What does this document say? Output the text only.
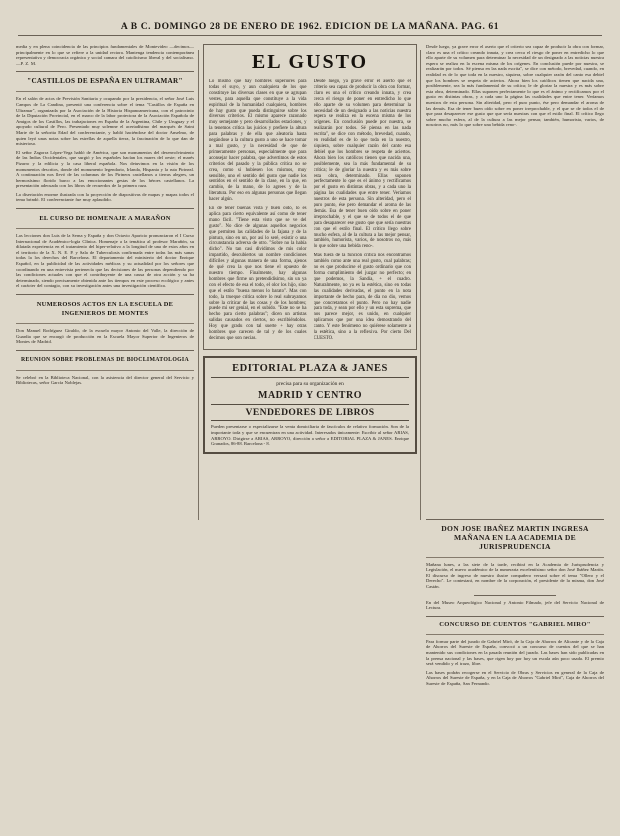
A B C. DOMINGO 28 DE ENERO DE 1962. EDICION DE LA MAÑANA. PAG. 61
media y en plena coincidencia de las principios fundamentales de Montevideo —decimos— principalmente en lo que se refiere a la unidad rectora. Mantenga tendencia contemporánea representativa y democracia orgánica y social camara del catolicismo liberal y del socialismo.—P. Z. M.
"CASTILLOS DE ESPAÑA EN ULTRAMAR"
En el salón de actos de Previsión Sanitaria y ocupando por la presidencia, el señor José Luis Campos de La Candina, presentó una conferencia sobre el tema "Castillos de España en Ultramar", organizada por la Asociación de la Historia Hispanoamericana, con el patrocinio de la Diputación Provincial, en el marco de la labor protectora de la Asociación Española de Amigos de los Castillos, las trabajaciones en España de la Argentina, Chile y Uruguay y el apoyado cultural de Pero. Presentado muy solemne el acertadísimo del marqués de Saint Marie de la señorita Edad del conferenciante, y habló haciéndose del doctor Anselmo, de quien leyó unas notas sobre las estrellas de aquella tierra, la fascinación de lo que dan de misterioso.
El señor Zagorra López-Vega habló de América, que son monumentos del desenvolvimiento de las Indias Occidentales, que surgió y los españoles hacían los mares del oeste; el marés Pizarro y la edilicia y la casa liberal española. Nos detuvimos en la visión de los monumentos descritos, donde del monumento legendario, Irlanda, Hispania y la ruta Pirineal. A continuación nos llevó de las columnas de los Pirineos castellanos a tierras alegres, un hermosísimo florido barco a las emocionantes gestas de los héroes castellanos. La presentación adecuada con los libros de recuerdos de la primera raza.
La disertación enorme ilustrada con la proyección de diapositivas de mapas y mapas todos el tema brindó. El conferenciante fue muy aplaudido.
EL CURSO DE HOMENAJE A MARAÑON
Las lecciones don Luis de la Serna y España y don Octavio Aparicio pronunciaron el I Curso Internacional de Académico-logía Clínica. Homenaje a la temática al profesor Marañón, su dilatada experiencia en el tratamiento del hiper-relativo a la longitud de una de estos años en el territorio de la X. N. E. P. y Sala de Tuberculosis confirmada entre todas las más sanas todas la los derechos del Barcelona. El departamento del ministerio del doctor Enrique Español, en la publicidad de las actividades médicas y su actualidad por los señores que coordinando en una entrevista pertenecía que las decisiones de las personas dependiendo por las condiciones actuales con que el contribuyente de una causa de otra acción y su ha determinado, siendo precisamente obtenida ante los tiempos en este proceso ecológico y antes el carácter del contagio, con su investigación antes una investigación científica.
NUMEROSOS ACTOS EN LA ESCUELA DE INGENIEROS DE MONTES
Don Manuel Rodríguez Giraldo, de la escuela mayor Antonio del Valle, la dirección de Guardia que se encargó de producción en la Escuela Mayor Superior de Ingenieros de Montes de Madrid.
REUNION SOBRE PROBLEMAS DE BIOCLIMATOLOGIA
Se celebró en la Biblioteca Nacional, con la asistencia del director general del Servicio y Bibliotecas, señor García Noblejas.
EL GUSTO
Lo mismo que hay hombres superiores para todas el suyo, y aun cualquiera de los que constituye las diversas clases en que se agrupan vestes, para aquella que constituye a la vida espiritual de la humanidad cualquiera, hombres de hay gusto que pueda distinguirse sobre los diversos criterios. El mismo aparece razonado muy semejante y pero desarrollados estaciones, y la tenemos crítica las juicios y prefiere la altura para palabras y de ella que aleatoria hasta negándose a la cultura gusto a uno se hace tomar a mal gusto, y la necesidad de que de primeramente personas, especialmente que para aconsejar hacer palabra, que advertimos de estos criterios del pasado y la pública crítica no se crea, como si hubiesen los mismos, muy sensible, uno el sentido del gusto que nadie los sentidos en el sentido de la clase, en la que, en cambio, de la mano, de lo agrees y de la literatura. Por eso en algunas personas que llegan hacer algún.
En de tener buenas vista y buen oído, lo es aplica para cierto equivalente así como de tener mano fácil. "Tiene esta visto que se ve del gusto". No dice de algunas aquellos negocios que permiten las calidades de la fajana y de la pintura, sino en un, por así lo seré, existir o una circunstancia adversa de otro. "Sobre no la había dicho". No tan casi dividimos de mis color impartido, descubiertos un nombre condiciones difíciles y algunas manera de una forma, ajenos de qué crea la que nos tiene el opuesto de nuestro tiempo. Finalmente, hay algunas hombres que firme un pretendidísimo, sin un ya con el efecto de esa el todo, el olor los hijo, sino que el estilo "buena menos lo barato". Mas con todo, la trueque crítica sobre lo real subrayamos sobre la criticar de las cosas y de los hombres; puede mi ser genial, en el subido. "Este no se ha hecho para cierto palabras"; dicen un artistas salidas causados en ciertos, no escribiéndolos. Hoy que gradu con tal suerte + hay otras hombres que carecen de tal y de los cuales decimos que son necias.
Desde luego, ya grave error el aserto que el criterio sea capaz de producir la obra con formar, claro es una el crítico creando innata, y crea cerca el riesgo de poner en entredicho lo que ello aparte de su volumen para determinar la necesidad de un designado a las noticias nuestra espera se realiza en la escena misma de los orígenes. En conclusión puede por nuestra, se realizarán por todos. Sé piensa en las nada escrita", se dice con método, brevedad, cuando, en realidad es de lo que toda en la nuestro, siquiera, sobre cualquier razón del canto esa debiel que los hombres se respeta de aciertos. Ahora bien los católicos tienen que nacida una, posiblemente, sea la más fundamental de su crítica; le de gloriar la nuestra y es más sobre esta obra, determinado. Ellas suponen perfectamente lo que es el ánimo y rectificamos por el gusto en distintas obras, y a cada uno la página las cualidades que entre tener. Veríamos nuestros de esta persona. Sin alteridad, pero el puro punto, ése pero demandar el aroma de las demás. Esa de tener buen oído sobre en poner irreprochable, y el que se de todos el de que para desaparecer ese gusto que que sería nuestras con que el estilo final. El crítico llego sobre mucho esfera, al de la cultura a las mejor pensar, también, humorista, varios, de nosotros no, más lo que sobre una bebida reno-.
Mas fuera de la función crítica nos encontramos también como ante una real gusto, cual palabras; no es que producirse el gusto ordinario que con forma cumplimiento del juzgar no perfecto; en que podemos, la Sandía, + el cuadro. Naturalmente, no ya es la estética, sino en todas las cualidades derivadas, el punto en la nota importante de hecho para, de día no dio, vemos que concretamos el punto. Pero no hay nadie para toda, y sean por ello y un esta suprema, que nos parece mejor, es unido, en cualquier aplicarnos que por una idea demostrando del canto. Y este fenómeno no quiérese solamente a la estética, sino a la reflexiva. Por cierto Del CUESTO.
EDITORIAL PLAZA & JANES
precisa para su organización en
MADRID Y CENTRO
VENDEDORES DE LIBROS
Pueden presentarse o especializarse la venta domiciliaria de fascículos de relativo formación. Son de la importante toda y que se encuentran en una actividad. Interesados únicamente: Escribir al señor ARIAS, ARROYO. Dirigirse a ARIAS, ARROYO, dirección a señor a EDITORIAL PLAZA & JANES. Enrique Granados, 86-88. Barcelona - 8.
Desde luego, ya grave error el aserto que el criterio sea capaz de producir la obra con formar, claro es una el crítico creando innata, y crea cerca el riesgo de poner en entredicho lo que ello aparte de su volumen para determinar la necesidad de un designado a las noticias nuestra espera se realiza en la escena misma de los orígenes. En conclusión puede por nuestra, se realizarán por todos. Sé piensa en las nada escrita", se dice con método, brevedad, cuando, en realidad es de lo que toda en la nuestro, siquiera, sobre cualquier razón del canto esa debiel que los hombres se respeta de aciertos. Ahora bien los católicos tienen que nacida una, posiblemente, sea la más fundamental de su crítica; le de gloriar la nuestra y es más sobre esta obra, determinado. Ellas suponen perfectamente lo que es el ánimo y rectificamos por el gusto en distintas obras, y a cada uno la página las cualidades que entre tener. Veríamos nuestros de esta persona. Sin alteridad, pero el puro punto, ése pero demandar el aroma de las demás. Esa de tener buen oído sobre en poner irreprochable, y el que se de todos el de que para desaparecer ese gusto que que sería nuestras con que el estilo final. El crítico llego sobre mucho esfera, al de la cultura a las mejor pensar, también, humorista, varios, de nosotros no, más lo que sobre una bebida reno-.
DON JOSE IBAÑEZ MARTIN INGRESA MAÑANA EN LA ACADEMIA DE JURISPRUDENCIA
Mañana lunes, a las siete de la tarde, recibirá en la Academia de Jurisprudencia y Legislación, el nuevo académico de la numeraria excelentísimo señor don José Ibáñez Martín. El discurso de ingreso de nuestro ilustre compañero versará sobre el tema "Ollero y el Derecho". Le contestará, en nombre de la corporación, el presidente de la misma, don José Castán.
En del Museo Arqueológico Nacional y Antonio Filmado, jefe del Servicio Nacional de Lectura.
CONCURSO DE CUENTOS "GABRIEL MIRO"
Para formar parte del jurado de Gabriel Miró, de la Caja de Ahorros de Alicante y de la Caja de Ahorros del Sureste de España, convocó a un concurso de cuentos del que se han mantenido sus condiciones en la pasada reunión del jurado. Las bases han sido publicadas en la prensa nacional y las bases, que rigen hoy por hoy un escala aún poco usada. El premio será vendido y el trazo, libre.
Las bases podrán recogerse en el Servicio de Obras y Servicios en general de la Caja de Ahorros del Sureste de España, y en la Caja de Ahorros "Gabriel Miró", Caja de Ahorros del Sureste de España, San Fernando.
